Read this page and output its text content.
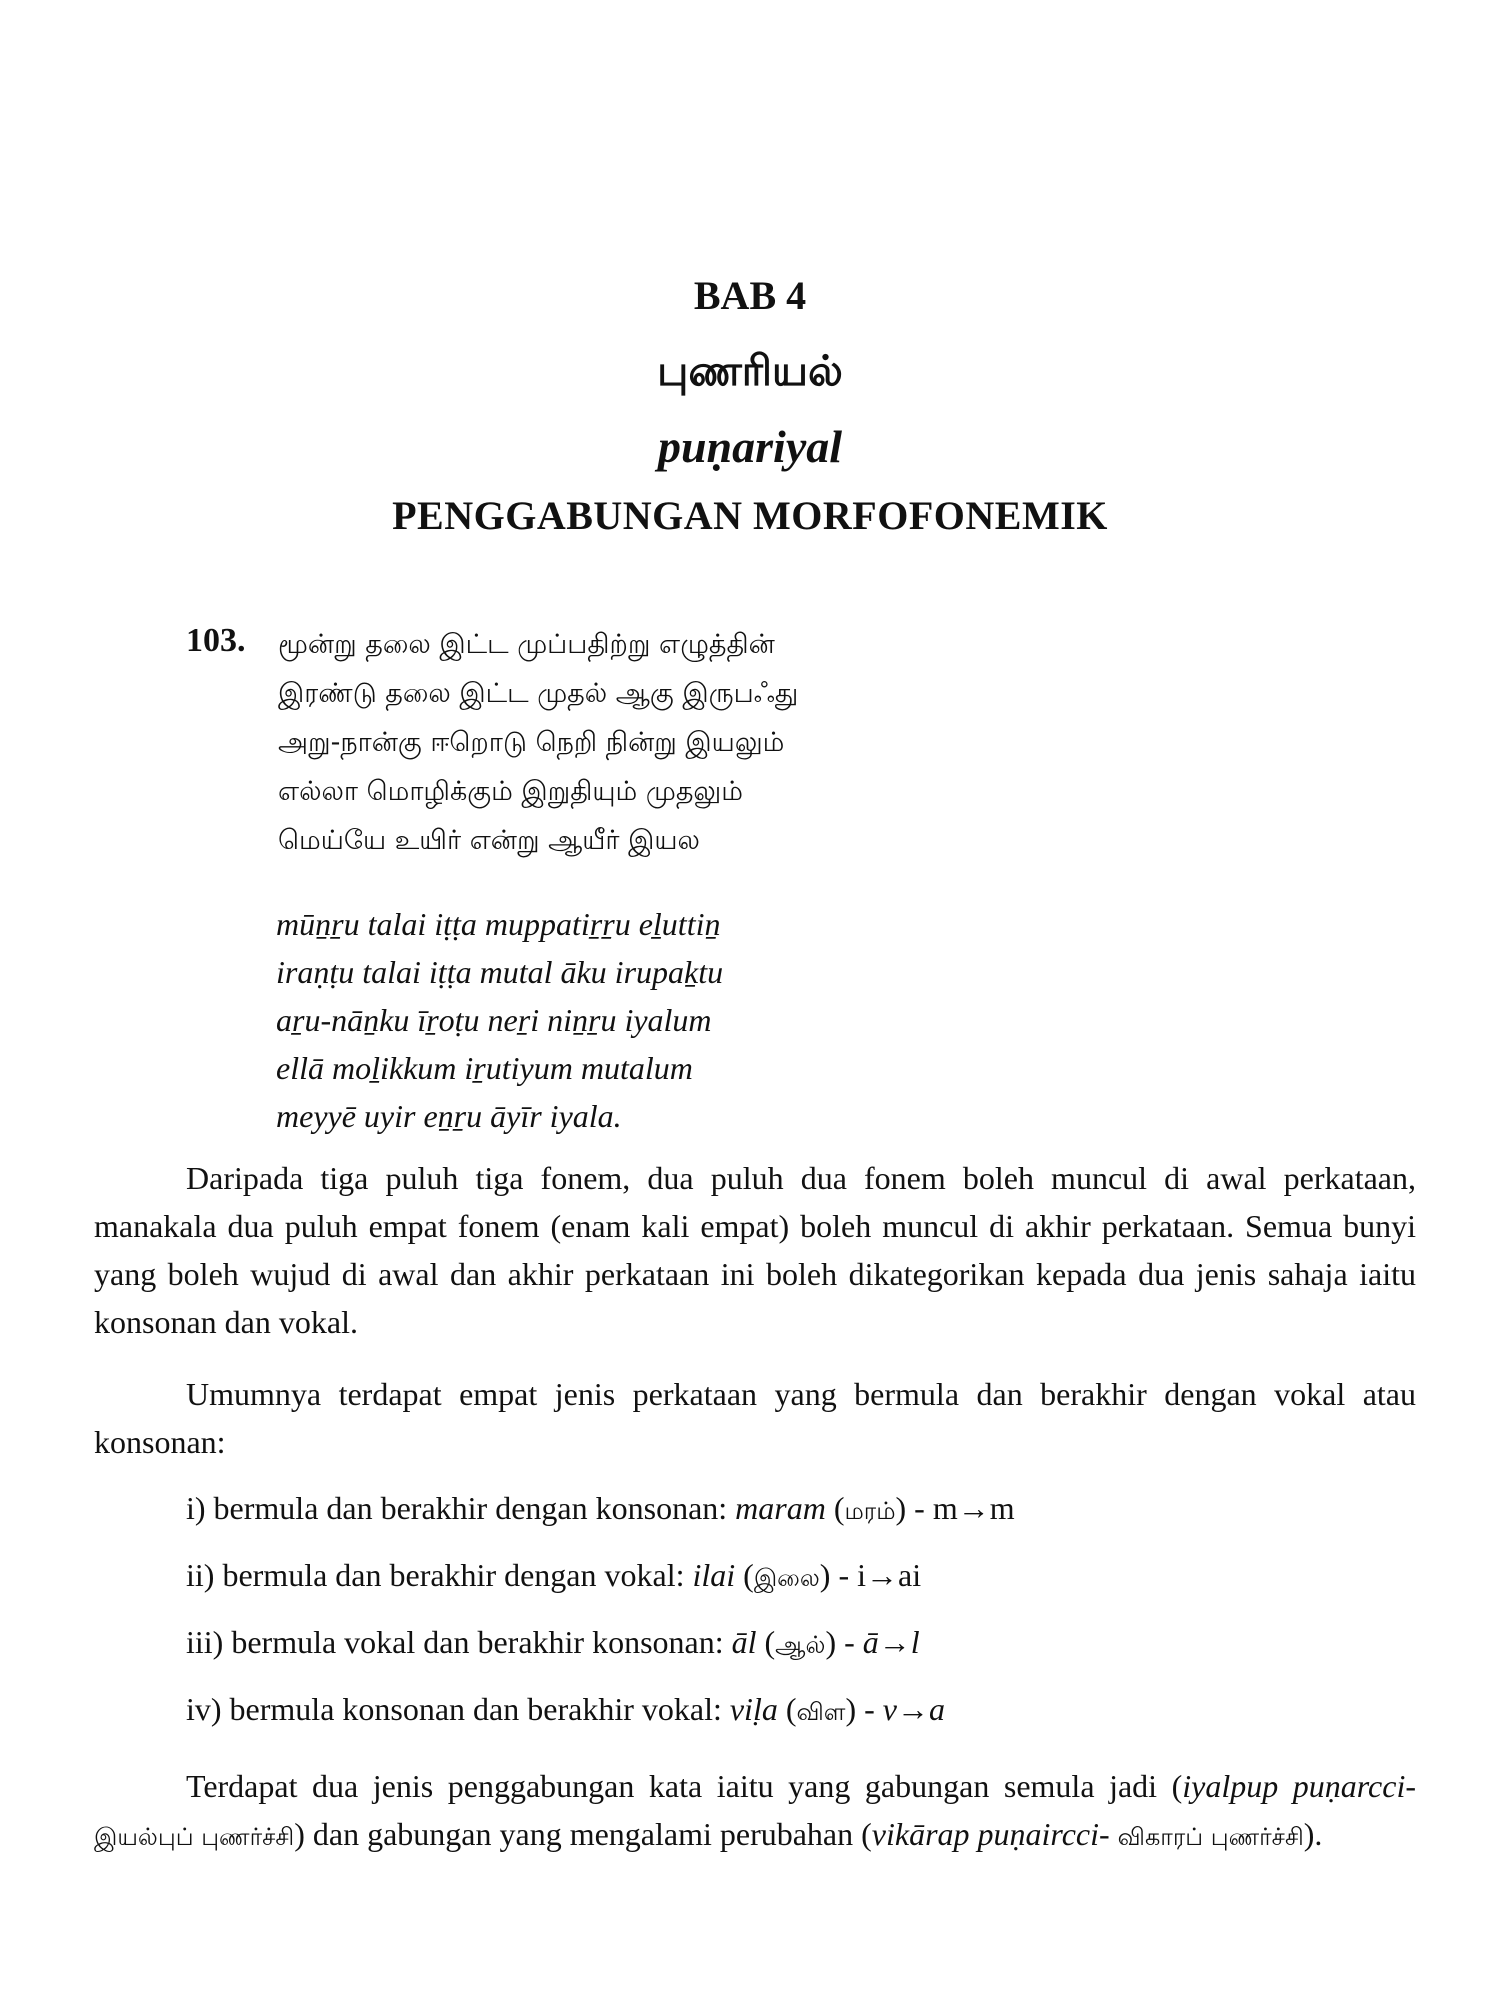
BAB 4
புணரியல்
puṇariyal
PENGGABUNGAN MORFOFONEMIK
103. மூன்று தலை இட்ட முப்பதிற்று எழுத்தின்
இரண்டு தலை இட்ட முதல் ஆகு இருபஃது
அறு-நான்கு ஈறொடு நெறி நின்று இயலும்
எல்லா மொழிக்கும் இறுதியும் முதலும்
மெய்யே உயிர் என்று ஆயீர் இயல
mūṉṟu talai iṭṭa muppatiṟṟu eḻuttiṉ
iraṇṭu talai iṭṭa mutal āku irupaḵtu
aṟu-nāṉku īṟoṭu neṟi niṉṟu iyalum
ellā moḻikkum iṟutiyum mutalum
meyyē uyir eṉṟu āyīr iyala.

Daripada tiga puluh tiga fonem, dua puluh dua fonem boleh muncul di awal perkataan, manakala dua puluh empat fonem (enam kali empat) boleh muncul di akhir perkataan. Semua bunyi yang boleh wujud di awal dan akhir perkataan ini boleh dikategorikan kepada dua jenis sahaja iaitu konsonan dan vokal.

Umumnya terdapat empat jenis perkataan yang bermula dan berakhir dengan vokal atau konsonan:

i) bermula dan berakhir dengan konsonan: maram (மரம்) - m→m
ii) bermula dan berakhir dengan vokal: ilai (இலை) - i→ai
iii) bermula vokal dan berakhir konsonan: āl (ஆல்) - ā→l
iv) bermula konsonan dan berakhir vokal: viḷa (விள) - v→a

Terdapat dua jenis penggabungan kata iaitu yang gabungan semula jadi (iyalpup puṇarcci- இயல்புப் புணர்ச்சி) dan gabungan yang mengalami perubahan (vikārap puṇaircci- விகாரப் புணர்ச்சி).
